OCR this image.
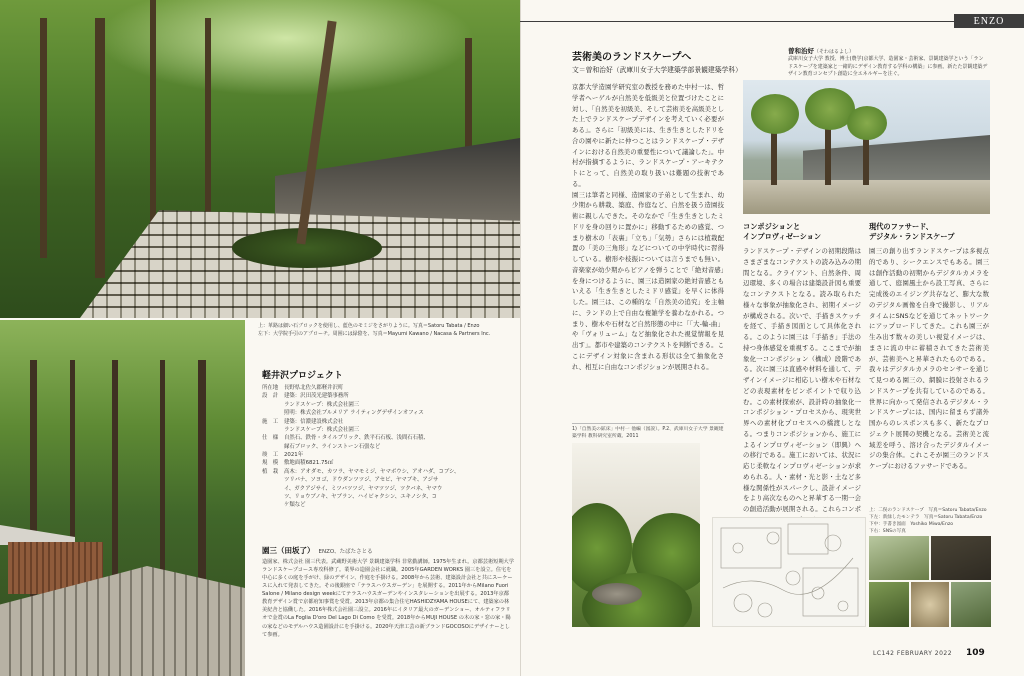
上：革路は細い石ブロックを使用し、藍色のモミジをさがりように。写真＝Satoru Tabata / Enzo
左下：大学院手引のアプローチ。周囲には緑陰を、写真＝Mayumi Kawano / Nacasa & Partners Inc.
軽井沢プロジェクト
所在地	長野県北佐久郡軽井沢町
設　計	建築：沢田茂光建築事務所
ランドスケープ：株式会社園三
照明：株式会社ブルメリア ライティングデザインオフィス
施　工	建築：信濃建設株式会社
ランドスケープ：株式会社園三
仕　様	自然石、鉄骨・タイルブリック、鉄平石石板、浅間石石積、
縁石ブロック、ラインストーン石張など
竣　工	2021年
規　模	敷地面積6821.75㎡
植　栽	高木：アオダモ、カツラ、ヤマモミジ、ヤマボウシ、アオハダ、コブシ、
ツリバナ、ソヨゴ、ドウダンツツジ、アセビ、ヤマブキ、アジサ
イ、ガクアジサイ、ミツバツツジ、ヤマツツジ、ツクバネ、ヤマウ
ツ、リョウブノキ、ヤブラン、ハイビャクシン、ユキノシタ、コ
ケ類など
園三（田坂了） ENZO、たばたさとる
造園家、株式会社 園三代表。武蔵野美術大学 景観建築学科 非常勤講師。1975年生まれ。京都芸術短期大学ランドスケープコース専攻科修了。業界の造園会社に就職。2005年GARDEN WORKS 園三を設立。住宅を中心に多くの庭を手がけ、緑のデザイン、作庭を手掛ける。2008年から芸術、建築設計会社と共にスーケースに入れて発表してきた。その後銀座で「テラスハウスガーデン」を展開する。2011年からMilano Fuori Salone / Milano design weekにてテラスハウスガーデンやインスタレーションを出展する。2013年京都教育デザイン賞で京都府知事賞を受賞。2013年京都の集合住宅HASHIDZYAMA HOUSEにて、建築家の林美紀舎と協働した。2016年株式会社園三設立。2016年にイタリア最大のガーデンショー、オルティフラリオで金賞のLa Foglia D'oro Del Lago Di Como を受賞。2018年からMUJI HOUSE の木の家・窓の家・陽の家などのモデルハウス造園設計にを手掛ける。2020年天津工芸の新ブランドGOCOSOにデザイナーとして参画。
ENZO
芸術美のランドスケープへ
文＝曽和治好（武庫川女子大学建築学部景観建築学科）
京都大学造園学研究室の教授を務めた中村一は、哲学者ヘーゲルが自然美を低級美と位置づけたことに対し、「自然美を初級美、そして芸術美を高級美とした上でランドスケープデザインを考えていく必要がある」。さらに「初級美には、生き生きとしたドリを合の園やに新たに仲つことはランドスケープ・デザインにおける自然美の重要性について議論した」。中村が指摘するように、ランドスケープ・アーキテクトにとって、自然美の取り扱いは難題の技術である。
園三は筆者と同様、造園家の子弟として生まれ、幼少期から耕栽、築庭、作庭など、自然を扱う造園技術に親しんできた。そのなかで「生き生きとしたミドリを身の回りに置かに」移動するための感覚、つまり樹木の「表裏」「立ち」「気勢」さらには植栽配置の「美の三角形」などについての中学時代に習得している。樹形や枝振については言うまでも無い。音楽家が幼少期からピアノを弾うことで「絶対音感」を身につけるように、園三は造園家の絶対音感ともいえる「生き生きとしたミドリ感覚」を早くに体得した。園三は、この種的な「自然美の追究」を主軸に、ランドの上で自由な複雑学を養わなかれる。つまり、樹木や石材など自然形態の中に「「大-輪-曲」や「ヴォリューム」など抽象化された視覚情報を見出す」。都市や建築のコンテクストを判断できる。ここにデザイン対象に含まれる形状は全て抽象化され、相互に自由なコンポジションが展開される。
1)「自然美の鉱床」中村一 他編（図説）。P.2、武庫川女子大学 景観建築学科 教科研究室所蔵、2011
曽和治好（そわはるよし）
武庫川女子大学 教授、博士(農学)京都大学、造園家・芸術家、景観建築学という「ランドスケープを建築家と一緒的にデザイン教育する学科の構築」に参画。新たた景観建築デザイン教育コンセプト創造に全エネルギーを注ぐ。
コンポジションと
インプロヴィゼーション
ランドスケープ・デザインの初期段階はさまざまなコンテクストの読み込みの期間となる。クライアント、自然条件、周辺環境、多くの場合は建築設計図も重要なコンテクストとなる。読み取られた様々な事象が抽象化され、初期イメージが構成される。次いで、手描きスケッチを経て、手描き図面として具体化される。このように園三は「手描き」手法の持つ身体感覚を重視する。ここまでが抽象化一コンポジション（構成）段階である。次に園三は直感や材料を通して、デザインイメージに相応しい樹木や石材などの表現素材をピンポイントで収り込む。この素材探索が、設計時の抽象化一コンポジション・プロセスから、現実世界への素材化プロセスへの橋渡しとなる。つまりコンポジションから、施工によるインプロヴィゼーション（即興）への移行である。施工においては、状況に応じ柔軟なインプロヴィゼーションが求められる。人・素材・光と影・土など多様な関係性がスパークし、設計イメージをより高次なものへと昇華する一期一会の創造活動が展開される。これらコンポ
現代のファサード、
デジタル・ランドスケープ
園三の創り出すランドスケープは多視点的であり、シークエンスでもある。園三は創作活動の初期からデジタルカメラを通して、庭園風土から設工写真、さらに完成後のエイジング共存など、膨大な数のデジタル画像を自身で撮影し、リアルタイムにSNSなどを通じてネットワークにアップロードしてきた。これも園三が生み出す数々の美しい視覚イメージは、まさに流の中に蓄積されてきた芸術美が、芸術美へと昇華されたものである。我々はデジタルカメラのセンサーを通じて見つめる園三の、網膜に投射されるランドスケープを共有しているのである。世界に向かって発信されるデジタル・ランドスケープには、国内に留まらず諸外国からのレスポンスも多く、新たなプロジェクト展開の契機となる。芸術美と流域差を呼う、溶け合ったデジタルイメージの集合体。これこそが園三のランドスケープにおけるファサードである。
上：二俣のランドスケープ　写真＝Satoru Tabata/Enzo
下左：新緑したモンテラ　写真＝Satoru Tabata/Enzo
下中：手書き図面　Yoshiko Miwa/Enzo
下右：SNSの写真
LC142 FEBRUARY 2022 109
